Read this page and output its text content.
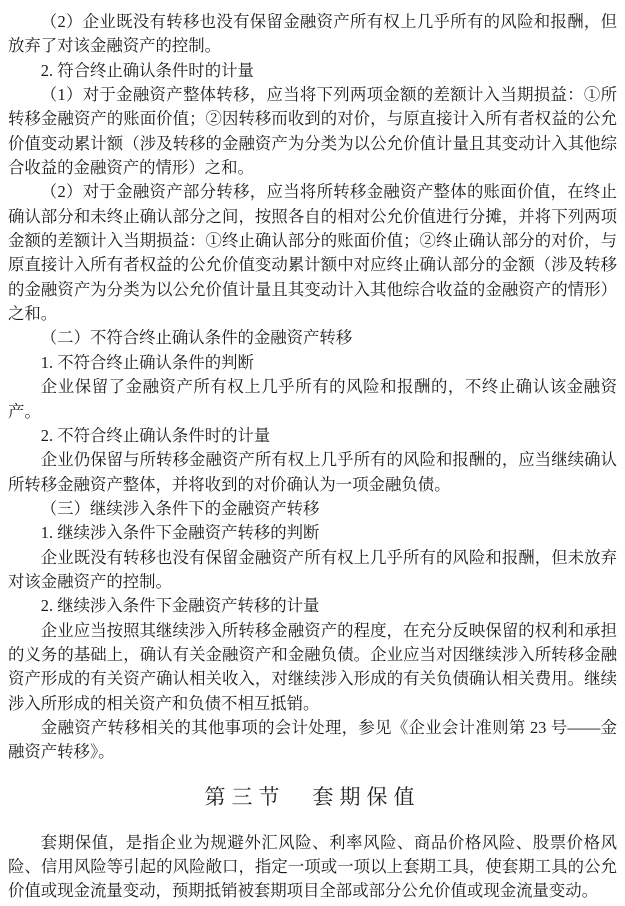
（2）企业既没有转移也没有保留金融资产所有权上几乎所有的风险和报酬，但放弃了对该金融资产的控制。

2. 符合终止确认条件时的计量

（1）对于金融资产整体转移，应当将下列两项金额的差额计入当期损益：①所转移金融资产的账面价值；②因转移而收到的对价，与原直接计入所有者权益的公允价值变动累计额（涉及转移的金融资产为分类为以公允价值计量且其变动计入其他综合收益的金融资产的情形）之和。

（2）对于金融资产部分转移，应当将所转移金融资产整体的账面价值，在终止确认部分和未终止确认部分之间，按照各自的相对公允价值进行分摊，并将下列两项金额的差额计入当期损益：①终止确认部分的账面价值；②终止确认部分的对价，与原直接计入所有者权益的公允价值变动累计额中对应终止确认部分的金额（涉及转移的金融资产为分类为以公允价值计量且其变动计入其他综合收益的金融资产的情形）之和。

（二）不符合终止确认条件的金融资产转移

1. 不符合终止确认条件的判断

企业保留了金融资产所有权上几乎所有的风险和报酬的，不终止确认该金融资产。

2. 不符合终止确认条件时的计量

企业仍保留与所转移金融资产所有权上几乎所有的风险和报酬的，应当继续确认所转移金融资产整体，并将收到的对价确认为一项金融负债。

（三）继续涉入条件下的金融资产转移

1. 继续涉入条件下金融资产转移的判断

企业既没有转移也没有保留金融资产所有权上几乎所有的风险和报酬，但未放弃对该金融资产的控制。

2. 继续涉入条件下金融资产转移的计量

企业应当按照其继续涉入所转移金融资产的程度，在充分反映保留的权利和承担的义务的基础上，确认有关金融资产和金融负债。企业应当对因继续涉入所转移金融资产形成的有关资产确认相关收入，对继续涉入形成的有关负债确认相关费用。继续涉入所形成的相关资产和负债不相互抵销。

金融资产转移相关的其他事项的会计处理，参见《企业会计准则第 23 号——金融资产转移》。

第三节　套期保值

套期保值，是指企业为规避外汇风险、利率风险、商品价格风险、股票价格风险、信用风险等引起的风险敞口，指定一项或一项以上套期工具，使套期工具的公允价值或现金流量变动，预期抵销被套期项目全部或部分公允价值或现金流量变动。
